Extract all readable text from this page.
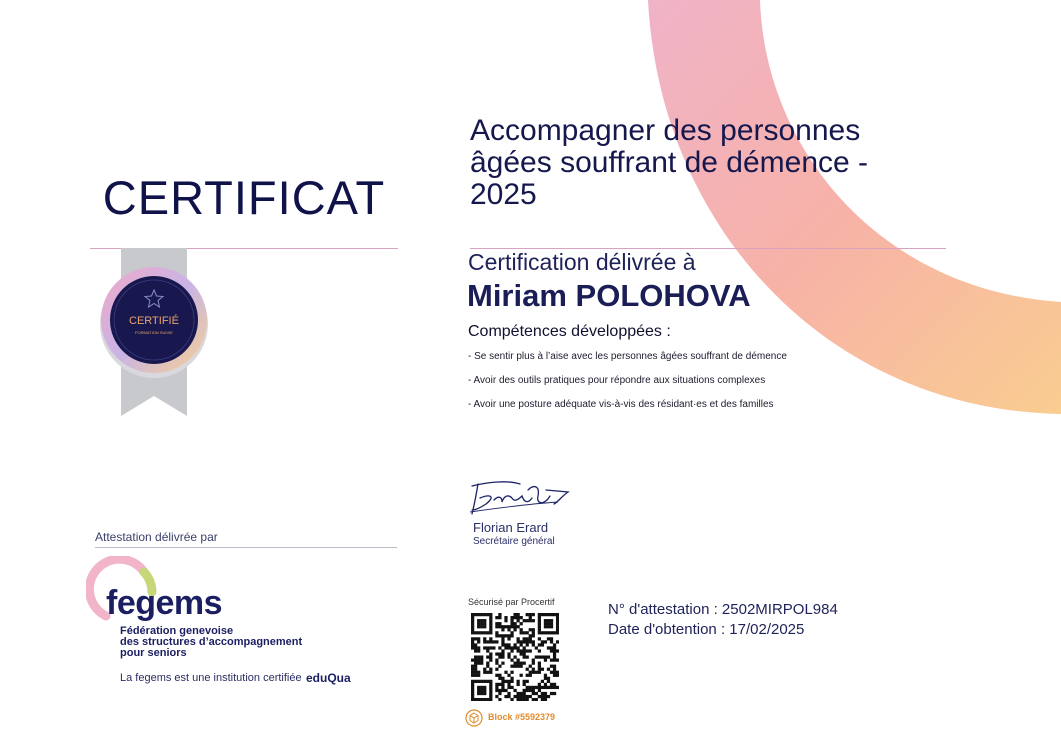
CERTIFICAT
CERTIFIÉ
FORMATION SUIVIE
Attestation délivrée par
fegems
Fédération genevoise
des structures d’accompagnement
pour seniors
La fegems est une institution certifiée eduQua
Accompagner des personnes âgées souffrant de démence - 2025
Certification délivrée à
Miriam POLOHOVA
Compétences développées :
- Se sentir plus à l’aise avec les personnes âgées souffrant de démence
- Avoir des outils pratiques pour répondre aux situations complexes
- Avoir une posture adéquate vis-à-vis des résidant·es et des familles
Florian Erard
Secrétaire général
Sécurisé par Procertif
Block #5592379
N° d'attestation : 2502MIRPOL984
Date d'obtention : 17/02/2025
